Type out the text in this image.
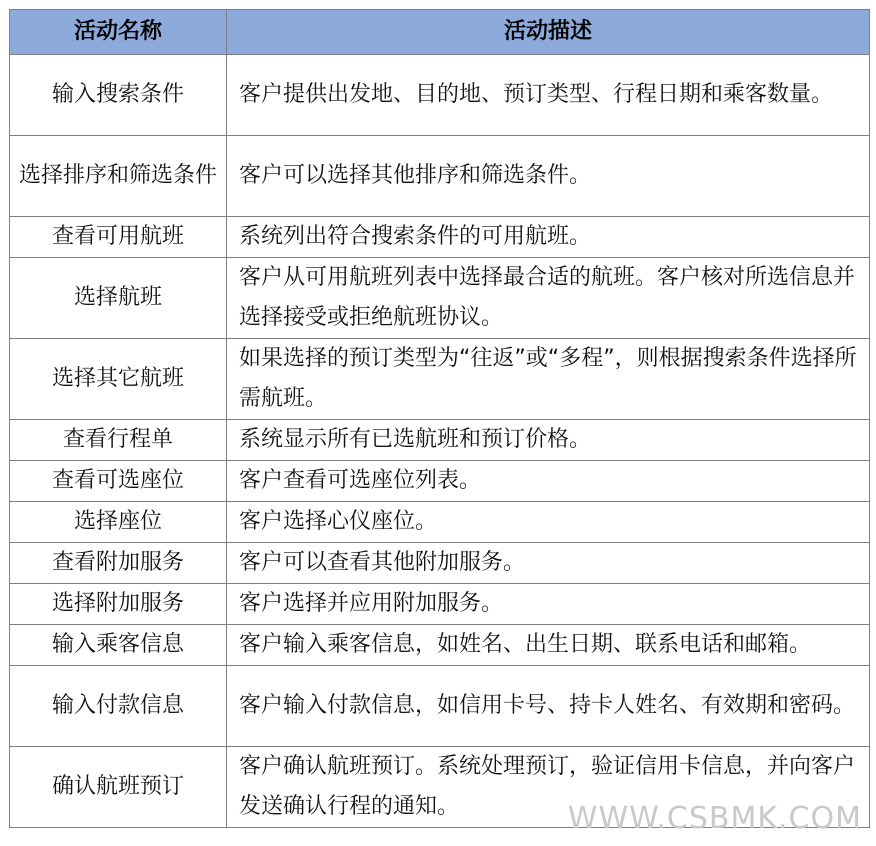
活动名称	活动描述
输入搜索条件	客户提供出发地、目的地、预订类型、行程日期和乘客数量。
选择排序和筛选条件	客户可以选择其他排序和筛选条件。
查看可用航班	系统列出符合搜索条件的可用航班。
选择航班	客户从可用航班列表中选择最合适的航班。客户核对所选信息并选择接受或拒绝航班协议。
选择其它航班	如果选择的预订类型为“往返”或“多程”，则根据搜索条件选择所需航班。
查看行程单	系统显示所有已选航班和预订价格。
查看可选座位	客户查看可选座位列表。
选择座位	客户选择心仪座位。
查看附加服务	客户可以查看其他附加服务。
选择附加服务	客户选择并应用附加服务。
输入乘客信息	客户输入乘客信息，如姓名、出生日期、联系电话和邮箱。
输入付款信息	客户输入付款信息，如信用卡号、持卡人姓名、有效期和密码。
确认航班预订	客户确认航班预订。系统处理预订，验证信用卡信息，并向客户发送确认行程的通知。	WWW.CSBMK.COM
